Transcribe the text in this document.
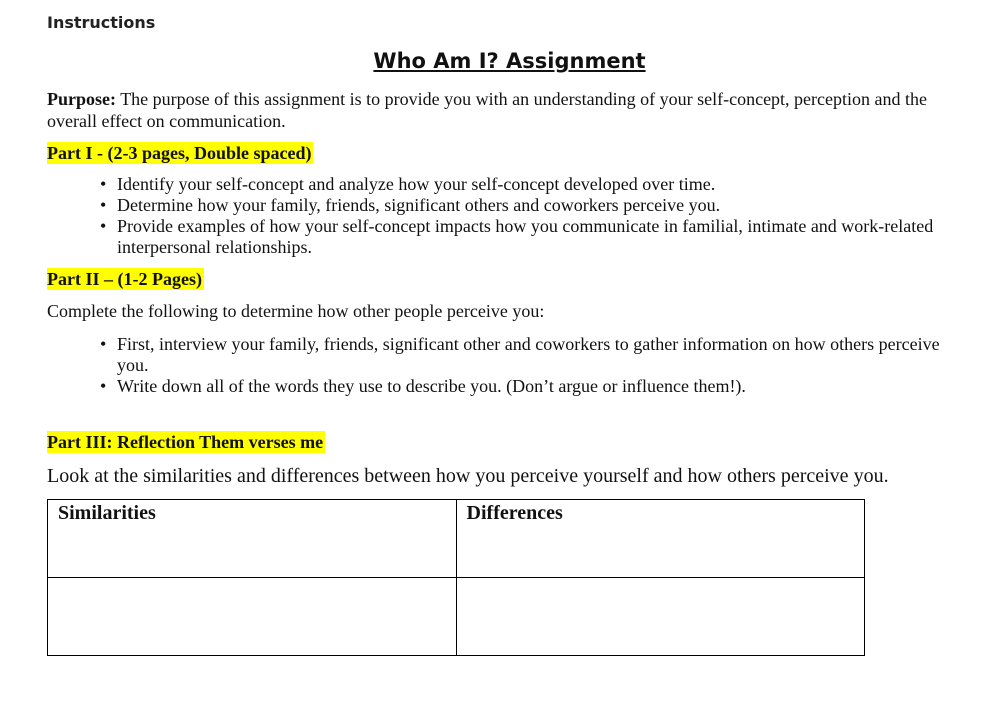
Instructions
Who Am I? Assignment

Purpose: The purpose of this assignment is to provide you with an understanding of your self-concept, perception and the overall effect on communication.

Part I - (2-3 pages, Double spaced)
• Identify your self-concept and analyze how your self-concept developed over time.
• Determine how your family, friends, significant others and coworkers perceive you.
• Provide examples of how your self-concept impacts how you communicate in familial, intimate and work-related interpersonal relationships.
Part II – (1-2 Pages)

Complete the following to determine how other people perceive you:

• First, interview your family, friends, significant other and coworkers to gather information on how others perceive you.
• Write down all of the words they use to describe you. (Don’t argue or influence them!).
Part III: Reflection Them verses me

Look at the similarities and differences between how you perceive yourself and how others perceive you.

Similarities	Differences
